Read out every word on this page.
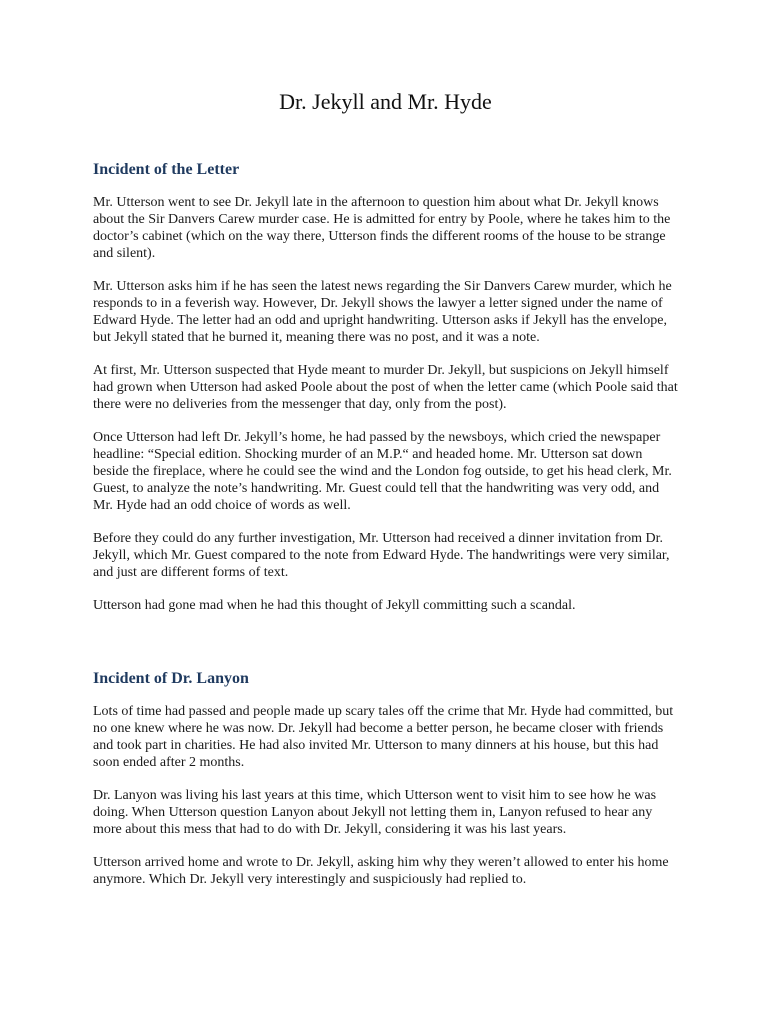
Dr. Jekyll and Mr. Hyde
Incident of the Letter

Mr. Utterson went to see Dr. Jekyll late in the afternoon to question him about what Dr. Jekyll knows about the Sir Danvers Carew murder case. He is admitted for entry by Poole, where he takes him to the doctor’s cabinet (which on the way there, Utterson finds the different rooms of the house to be strange and silent).

Mr. Utterson asks him if he has seen the latest news regarding the Sir Danvers Carew murder, which he responds to in a feverish way. However, Dr. Jekyll shows the lawyer a letter signed under the name of Edward Hyde. The letter had an odd and upright handwriting. Utterson asks if Jekyll has the envelope, but Jekyll stated that he burned it, meaning there was no post, and it was a note.

At first, Mr. Utterson suspected that Hyde meant to murder Dr. Jekyll, but suspicions on Jekyll himself had grown when Utterson had asked Poole about the post of when the letter came (which Poole said that there were no deliveries from the messenger that day, only from the post).

Once Utterson had left Dr. Jekyll’s home, he had passed by the newsboys, which cried the newspaper headline: “Special edition. Shocking murder of an M.P.“ and headed home. Mr. Utterson sat down beside the fireplace, where he could see the wind and the London fog outside, to get his head clerk, Mr. Guest, to analyze the note’s handwriting. Mr. Guest could tell that the handwriting was very odd, and Mr. Hyde had an odd choice of words as well.

Before they could do any further investigation, Mr. Utterson had received a dinner invitation from Dr. Jekyll, which Mr. Guest compared to the note from Edward Hyde. The handwritings were very similar, and just are different forms of text.

Utterson had gone mad when he had this thought of Jekyll committing such a scandal.

Incident of Dr. Lanyon

Lots of time had passed and people made up scary tales off the crime that Mr. Hyde had committed, but no one knew where he was now. Dr. Jekyll had become a better person, he became closer with friends and took part in charities. He had also invited Mr. Utterson to many dinners at his house, but this had soon ended after 2 months.

Dr. Lanyon was living his last years at this time, which Utterson went to visit him to see how he was doing. When Utterson question Lanyon about Jekyll not letting them in, Lanyon refused to hear any more about this mess that had to do with Dr. Jekyll, considering it was his last years.

Utterson arrived home and wrote to Dr. Jekyll, asking him why they weren’t allowed to enter his home anymore. Which Dr. Jekyll very interestingly and suspiciously had replied to.
